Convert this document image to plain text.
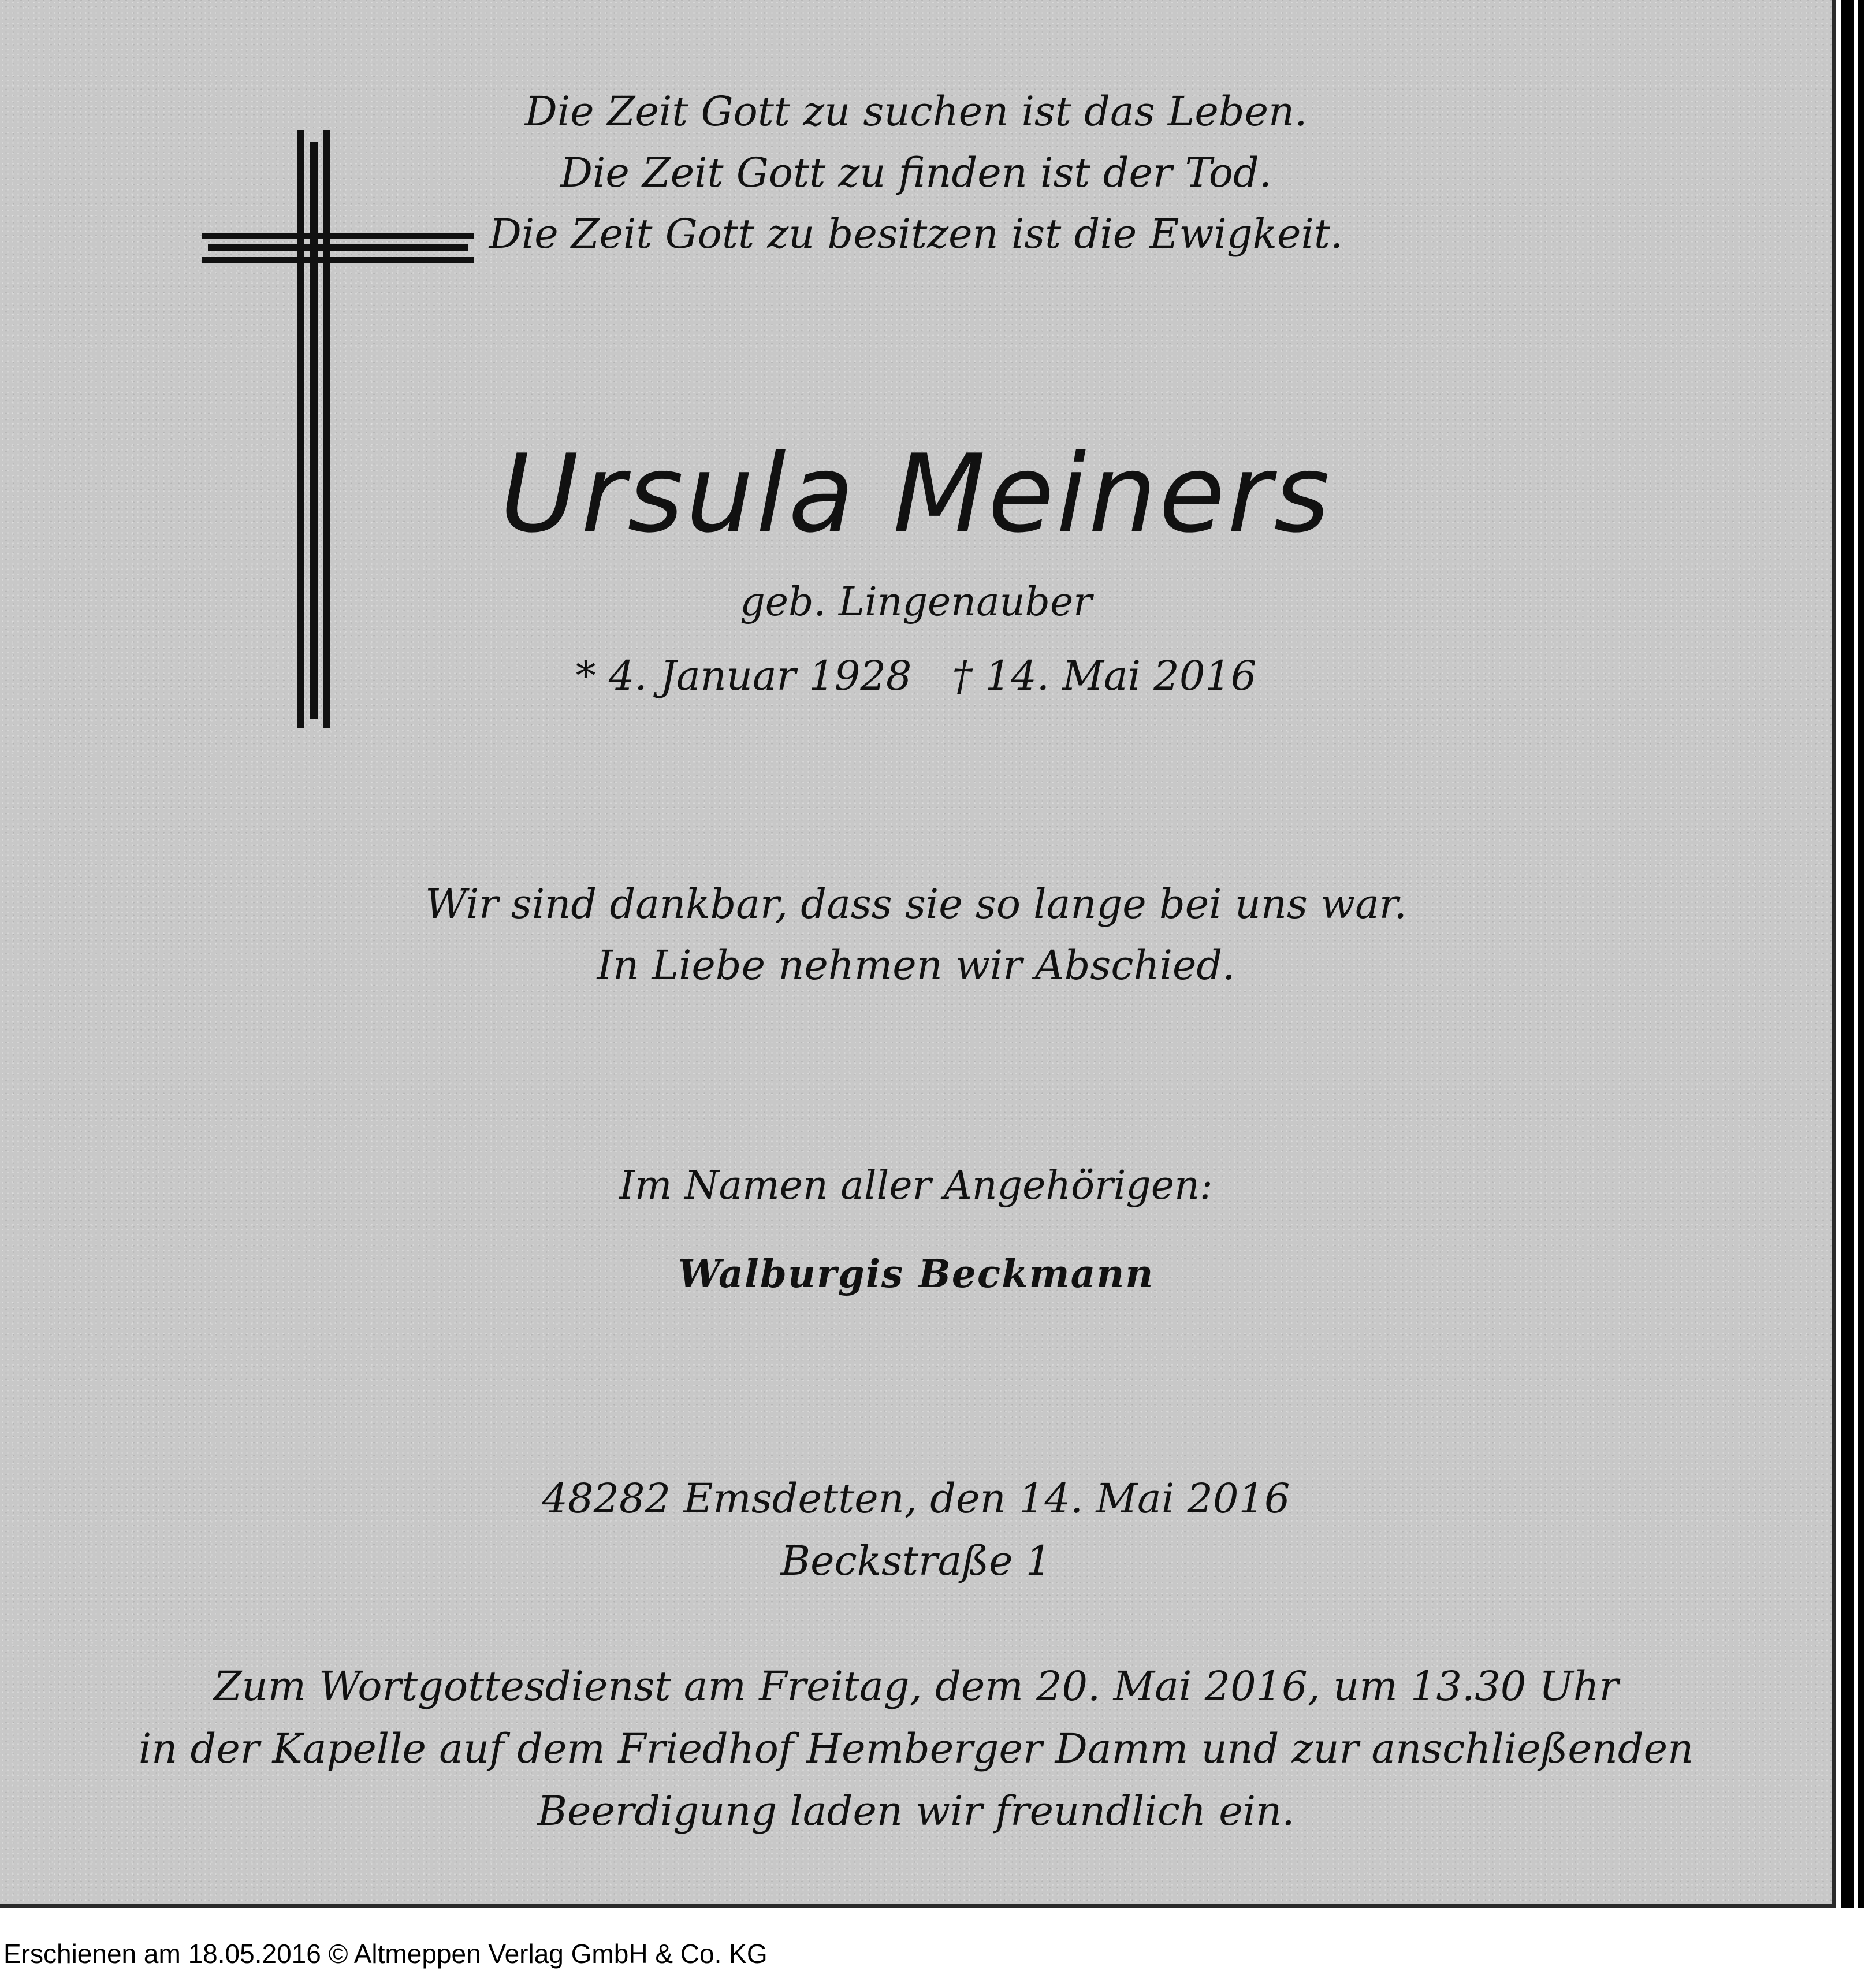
Die Zeit Gott zu suchen ist das Leben.
Die Zeit Gott zu finden ist der Tod.
Die Zeit Gott zu besitzen ist die Ewigkeit.
Ursula Meiners
geb. Lingenauber
* 4. Januar 1928 † 14. Mai 2016
Wir sind dankbar, dass sie so lange bei uns war.
In Liebe nehmen wir Abschied.
Im Namen aller Angehörigen:
Walburgis Beckmann
48282 Emsdetten, den 14. Mai 2016
Beckstraße 1
Zum Wortgottesdienst am Freitag, dem 20. Mai 2016, um 13.30 Uhr
in der Kapelle auf dem Friedhof Hemberger Damm und zur anschließenden
Beerdigung laden wir freundlich ein.
Erschienen am 18.05.2016 © Altmeppen Verlag GmbH & Co. KG
